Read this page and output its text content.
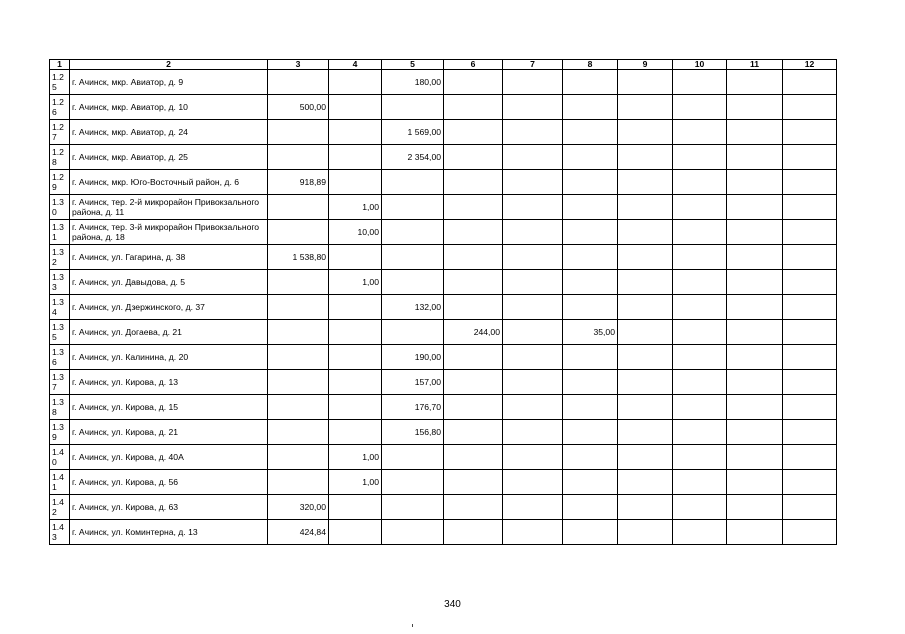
1	2	3	4	5	6	7	8	9	10	11	12
1.2 5	г. Ачинск, мкр. Авиатор, д. 9			180,00							
1.2 6	г. Ачинск, мкр. Авиатор, д. 10	500,00									
1.2 7	г. Ачинск, мкр. Авиатор, д. 24			1 569,00							
1.2 8	г. Ачинск, мкр. Авиатор, д. 25			2 354,00							
1.2 9	г. Ачинск, мкр. Юго-Восточный район, д. 6	918,89									
1.3 0	г. Ачинск, тер. 2-й микрорайон Привокзального района, д. 11		1,00								
1.3 1	г. Ачинск, тер. 3-й микрорайон Привокзального района, д. 18		10,00								
1.3 2	г. Ачинск, ул. Гагарина, д. 38	1 538,80									
1.3 3	г. Ачинск, ул. Давыдова, д. 5		1,00								
1.3 4	г. Ачинск, ул. Дзержинского, д. 37			132,00							
1.3 5	г. Ачинск, ул. Догаева, д. 21				244,00		35,00				
1.3 6	г. Ачинск, ул. Калинина, д. 20			190,00							
1.3 7	г. Ачинск, ул. Кирова, д. 13			157,00							
1.3 8	г. Ачинск, ул. Кирова, д. 15			176,70							
1.3 9	г. Ачинск, ул. Кирова, д. 21			156,80							
1.4 0	г. Ачинск, ул. Кирова, д. 40А		1,00								
1.4 1	г. Ачинск, ул. Кирова, д. 56		1,00								
1.4 2	г. Ачинск, ул. Кирова, д. 63	320,00									
1.4 3	г. Ачинск, ул. Коминтерна, д. 13	424,84									
340
